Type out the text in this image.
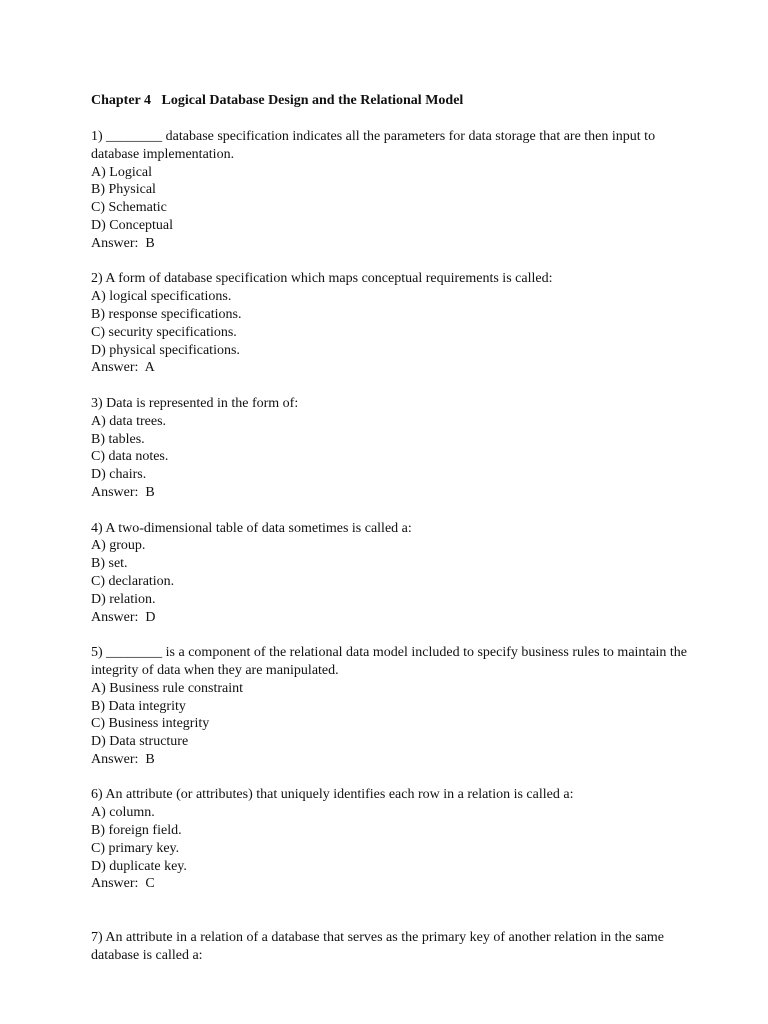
Chapter 4   Logical Database Design and the Relational Model
1) ________ database specification indicates all the parameters for data storage that are then input to database implementation.
A) Logical
B) Physical
C) Schematic
D) Conceptual
Answer:  B
2) A form of database specification which maps conceptual requirements is called:
A) logical specifications.
B) response specifications.
C) security specifications.
D) physical specifications.
Answer:  A
3) Data is represented in the form of:
A) data trees.
B) tables.
C) data notes.
D) chairs.
Answer:  B
4) A two-dimensional table of data sometimes is called a:
A) group.
B) set.
C) declaration.
D) relation.
Answer:  D
5) ________ is a component of the relational data model included to specify business rules to maintain the integrity of data when they are manipulated.
A) Business rule constraint
B) Data integrity
C) Business integrity
D) Data structure
Answer:  B
6) An attribute (or attributes) that uniquely identifies each row in a relation is called a:
A) column.
B) foreign field.
C) primary key.
D) duplicate key.
Answer:  C
7) An attribute in a relation of a database that serves as the primary key of another relation in the same database is called a:
